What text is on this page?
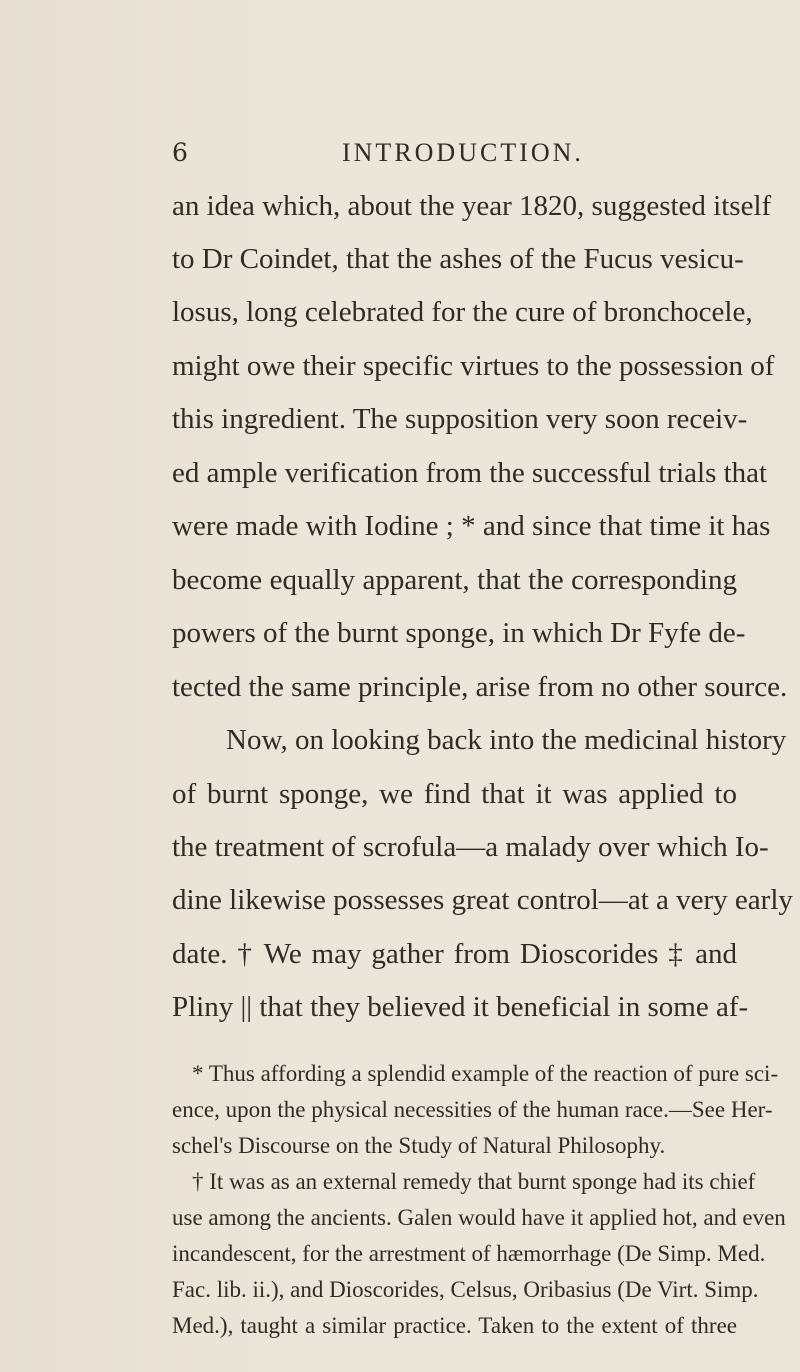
6	INTRODUCTION.
an idea which, about the year 1820, suggested itself
to Dr Coindet, that the ashes of the Fucus vesicu-
losus, long celebrated for the cure of bronchocele,
might owe their specific virtues to the possession of
this ingredient. The supposition very soon receiv-
ed ample verification from the successful trials that
were made with Iodine ; * and since that time it has
become equally apparent, that the corresponding
powers of the burnt sponge, in which Dr Fyfe de-
tected the same principle, arise from no other source.
Now, on looking back into the medicinal history
of burnt sponge, we find that it was applied to
the treatment of scrofula—a malady over which Io-
dine likewise possesses great control—at a very early
date. † We may gather from Dioscorides ‡ and
Pliny || that they believed it beneficial in some af-
* Thus affording a splendid example of the reaction of pure sci-
ence, upon the physical necessities of the human race.—See Her-
schel's Discourse on the Study of Natural Philosophy.
† It was as an external remedy that burnt sponge had its chief
use among the ancients. Galen would have it applied hot, and even
incandescent, for the arrestment of hæmorrhage (De Simp. Med.
Fac. lib. ii.), and Dioscorides, Celsus, Oribasius (De Virt. Simp.
Med.), taught a similar practice. Taken to the extent of three
